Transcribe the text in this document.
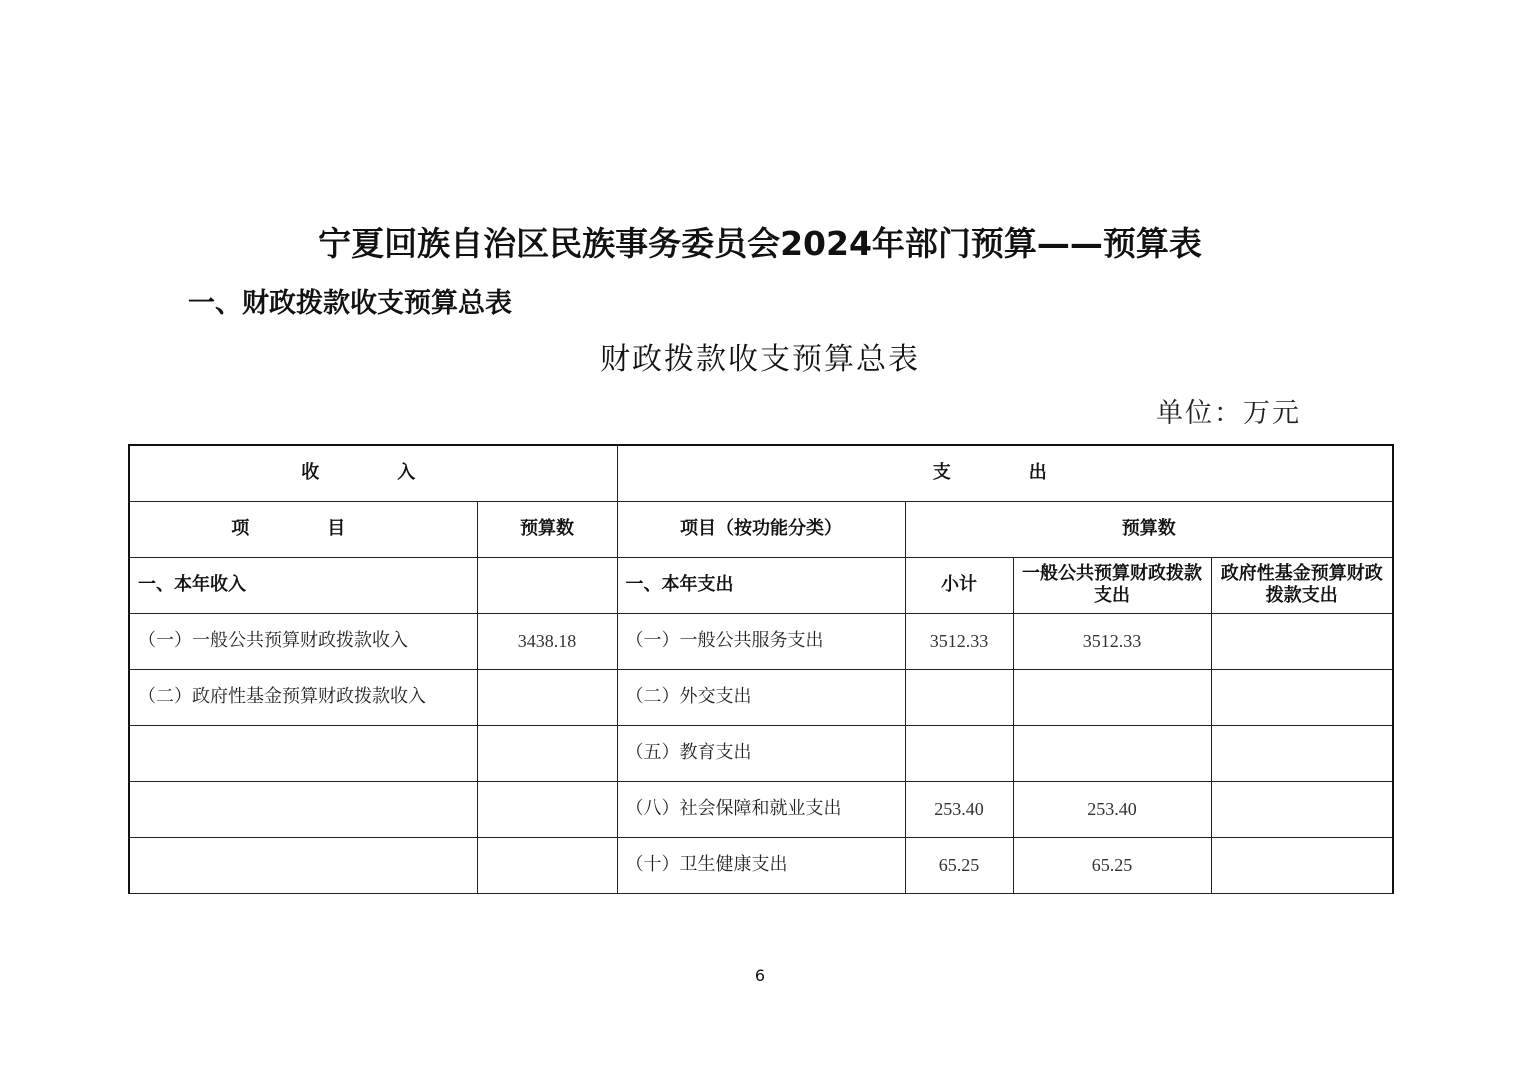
宁夏回族自治区民族事务委员会2024年部门预算——预算表
一、财政拨款收支预算总表
财政拨款收支预算总表
单位：万元
收　入		支　出			
项　目	预算数	项目（按功能分类）	预算数		
一、本年收入		一、本年支出	小计	一般公共预算财政拨款支出	政府性基金预算财政拨款支出
（一）一般公共预算财政拨款收入	3438.18	（一）一般公共服务支出	3512.33	3512.33	
（二）政府性基金预算财政拨款收入		（二）外交支出			
		（五）教育支出			
		（八）社会保障和就业支出	253.40	253.40	
		（十）卫生健康支出	65.25	65.25	
6
